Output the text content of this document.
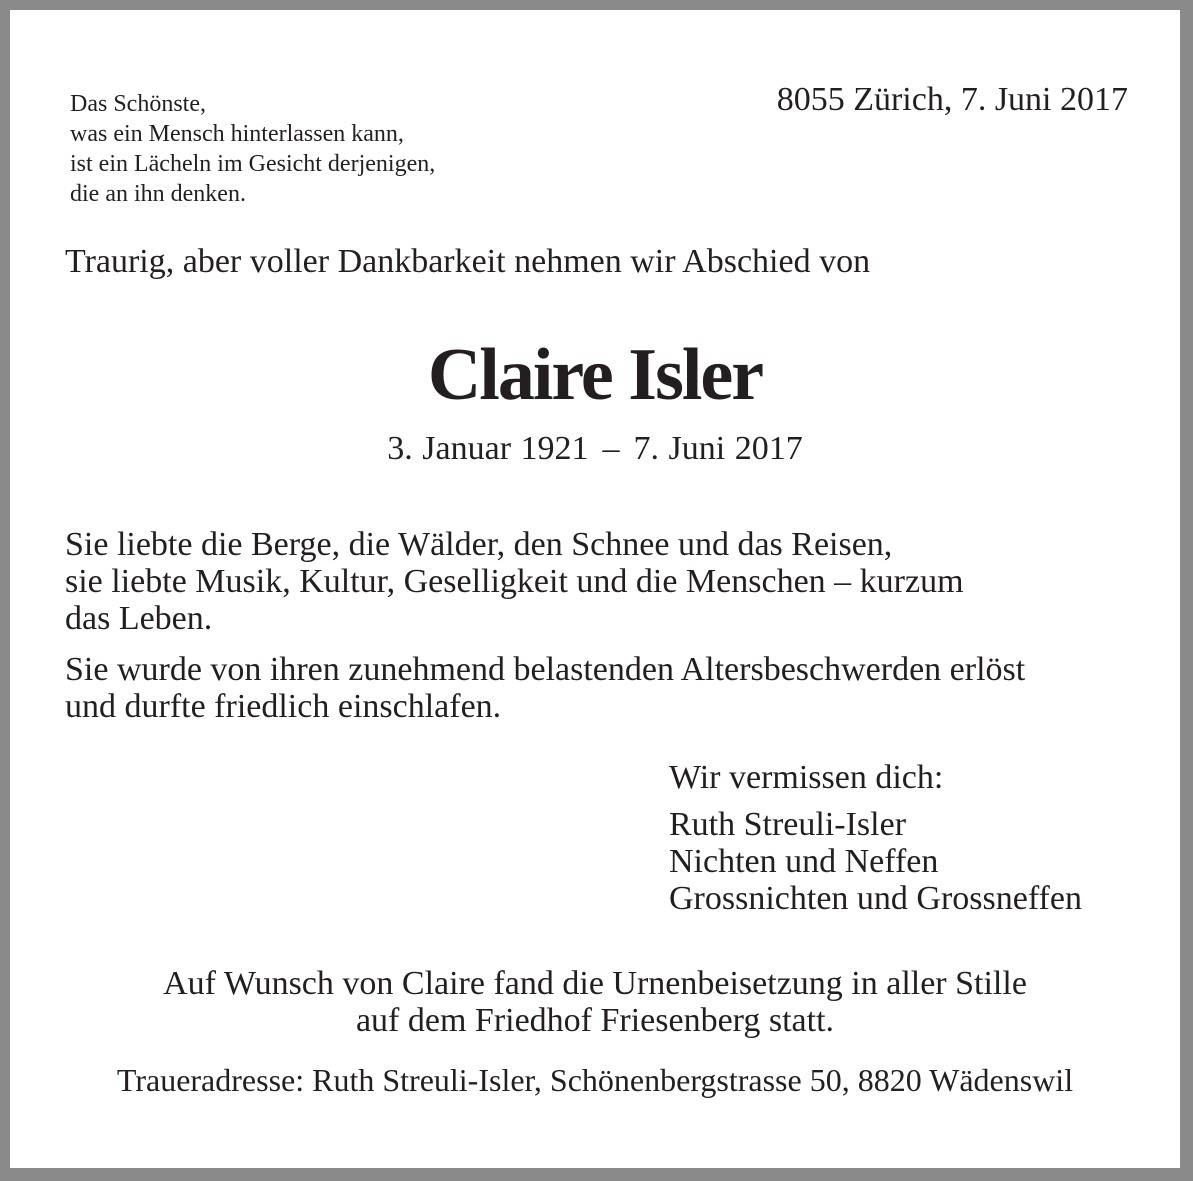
Das Schönste,
was ein Mensch hinterlassen kann,
ist ein Lächeln im Gesicht derjenigen,
die an ihn denken.
8055 Zürich, 7. Juni 2017
Traurig, aber voller Dankbarkeit nehmen wir Abschied von
Claire Isler
3. Januar 1921 – 7. Juni 2017
Sie liebte die Berge, die Wälder, den Schnee und das Reisen,
sie liebte Musik, Kultur, Geselligkeit und die Menschen – kurzum
das Leben.
Sie wurde von ihren zunehmend belastenden Altersbeschwerden erlöst
und durfte friedlich einschlafen.
Wir vermissen dich:
Ruth Streuli-Isler
Nichten und Neffen
Grossnichten und Grossneffen
Auf Wunsch von Claire fand die Urnenbeisetzung in aller Stille
auf dem Friedhof Friesenberg statt.
Traueradresse: Ruth Streuli-Isler, Schönenbergstrasse 50, 8820 Wädenswil
